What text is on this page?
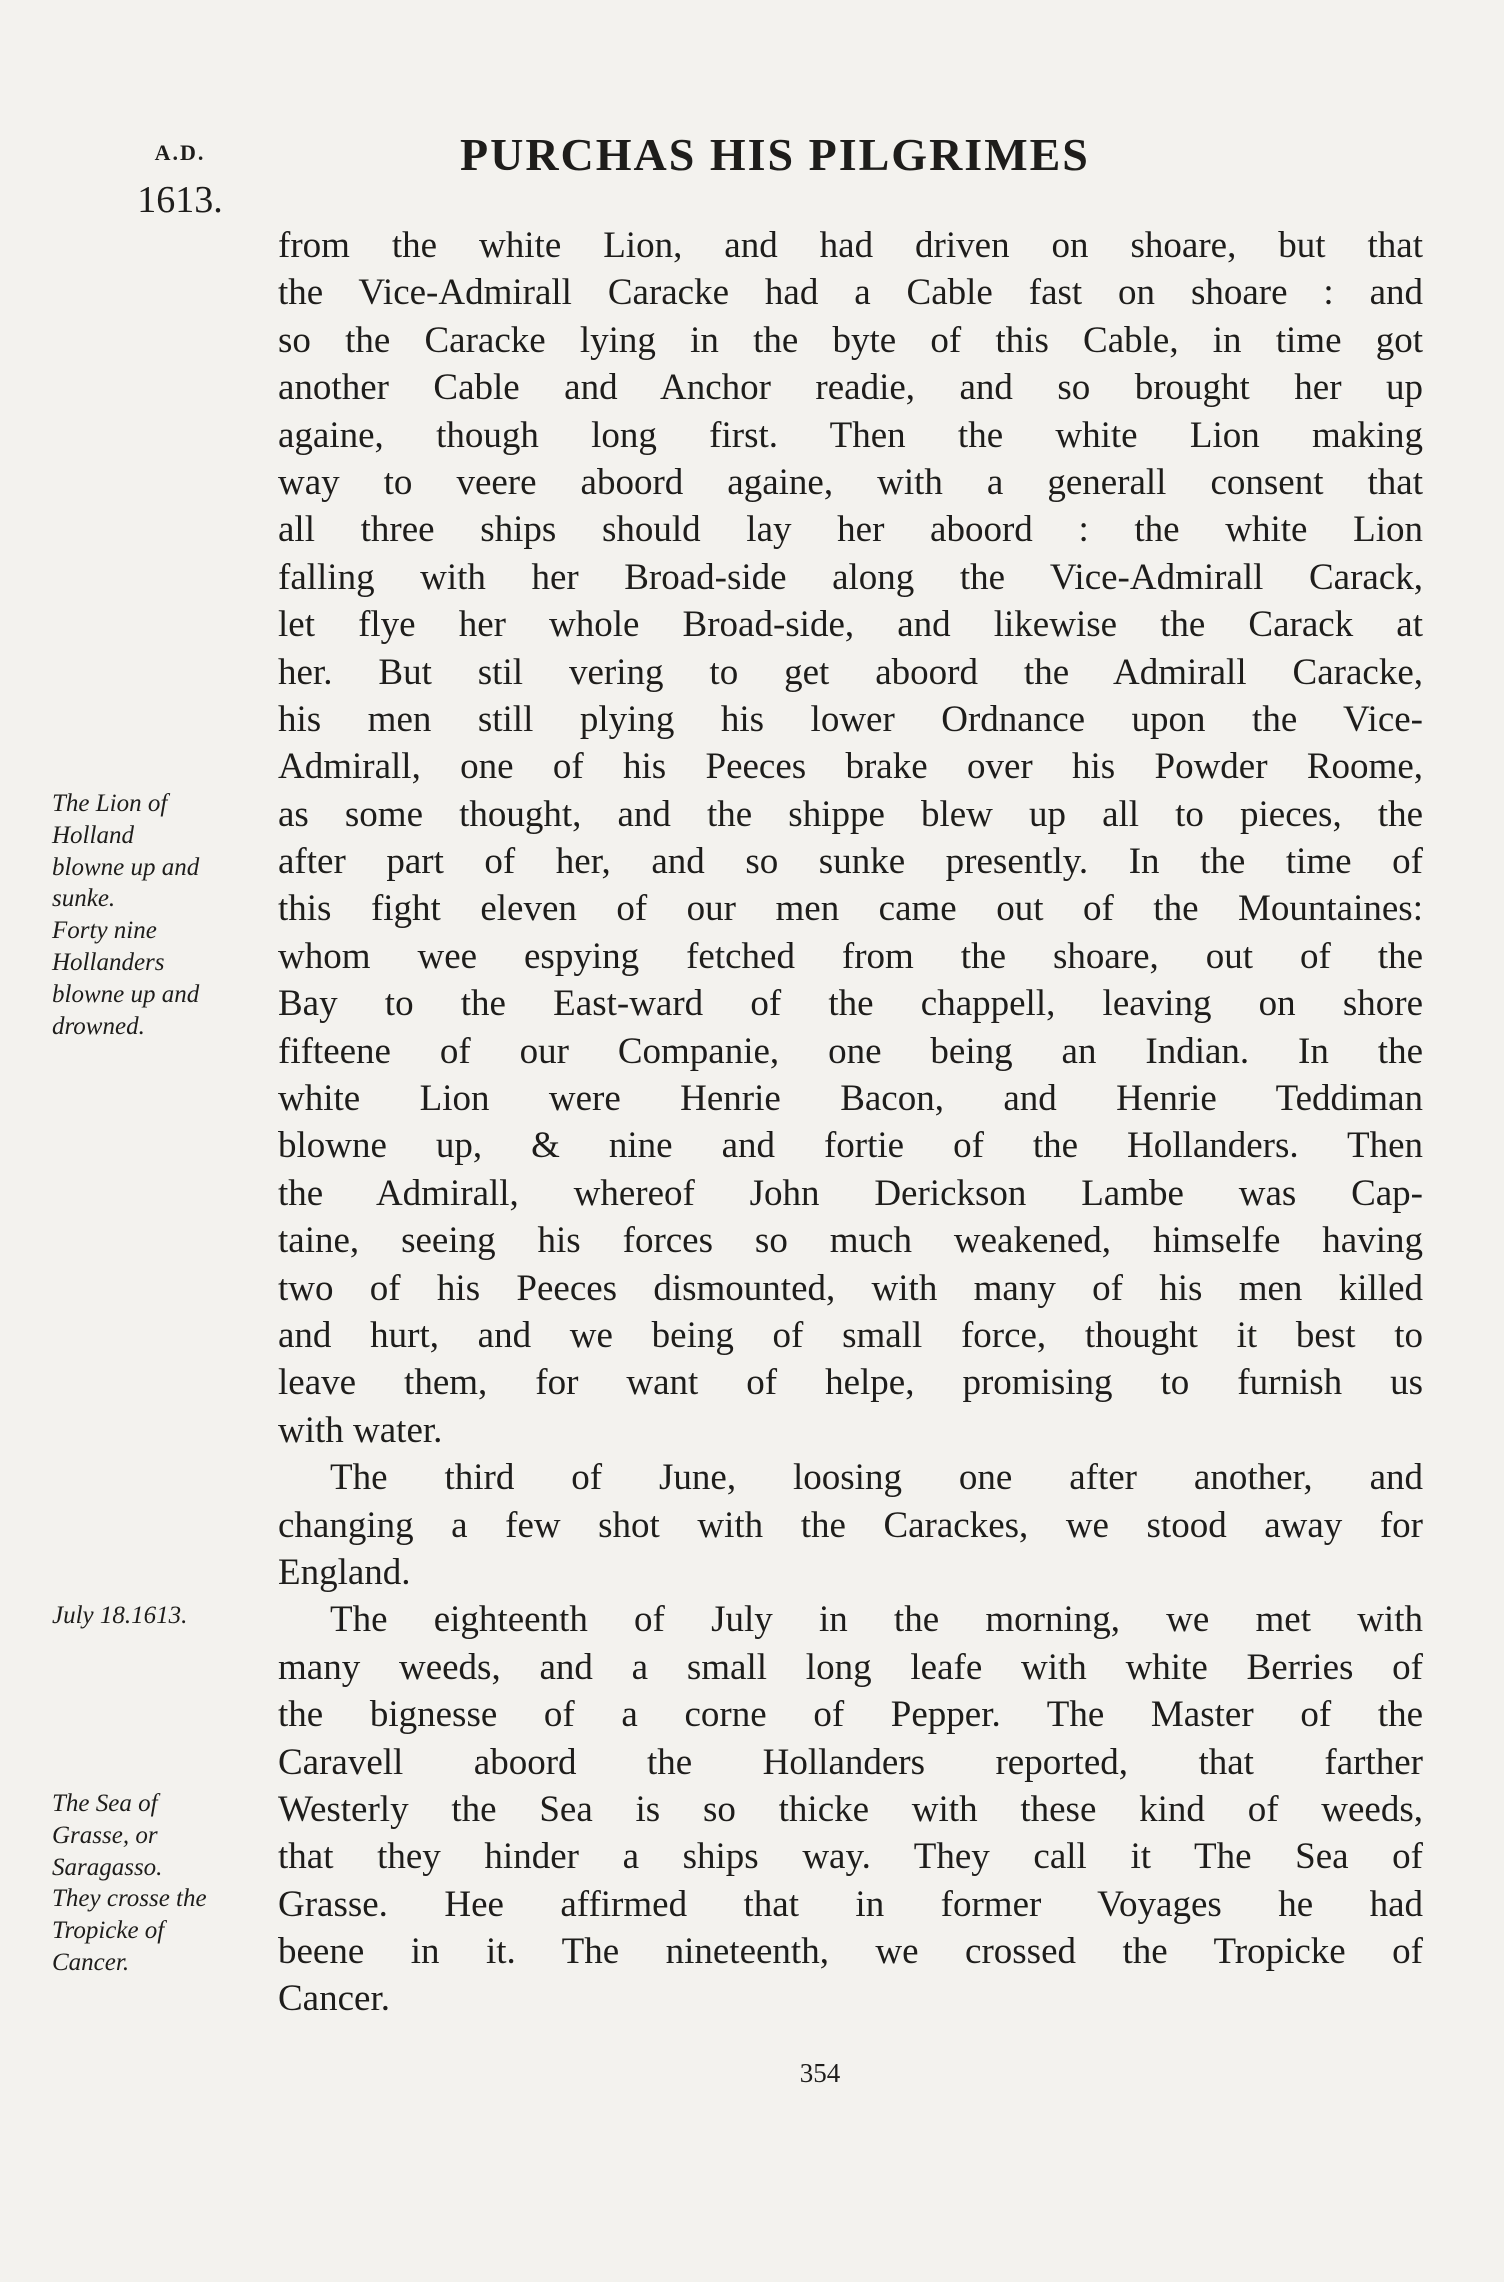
A.D.
1613.
PURCHAS HIS PILGRIMES
from the white Lion, and had driven on shoare, but that
the Vice-Admirall Caracke had a Cable fast on shoare : and
so the Caracke lying in the byte of this Cable, in time got
another Cable and Anchor readie, and so brought her up
againe, though long first. Then the white Lion making
way to veere aboord againe, with a generall consent that
all three ships should lay her aboord : the white Lion
falling with her Broad-side along the Vice-Admirall Carack,
let flye her whole Broad-side, and likewise the Carack at
her. But stil vering to get aboord the Admirall Caracke,
his men still plying his lower Ordnance upon the Vice-
Admirall, one of his Peeces brake over his Powder Roome,
as some thought, and the shippe blew up all to pieces, the
after part of her, and so sunke presently. In the time of
this fight eleven of our men came out of the Mountaines:
whom wee espying fetched from the shoare, out of the
Bay to the East-ward of the chappell, leaving on shore
fifteene of our Companie, one being an Indian. In the
white Lion were Henrie Bacon, and Henrie Teddiman
blowne up, & nine and fortie of the Hollanders. Then
the Admirall, whereof John Derickson Lambe was Cap-
taine, seeing his forces so much weakened, himselfe having
two of his Peeces dismounted, with many of his men killed
and hurt, and we being of small force, thought it best to
leave them, for want of helpe, promising to furnish us
with water.
The third of June, loosing one after another, and
changing a few shot with the Carackes, we stood away for
England.
The eighteenth of July in the morning, we met with
many weeds, and a small long leafe with white Berries of
the bignesse of a corne of Pepper. The Master of the
Caravell aboord the Hollanders reported, that farther
Westerly the Sea is so thicke with these kind of weeds,
that they hinder a ships way. They call it The Sea of
Grasse. Hee affirmed that in former Voyages he had
beene in it. The nineteenth, we crossed the Tropicke of
Cancer.
The Lion of
Holland
blowne up and
sunke.
Forty nine
Hollanders
blowne up and
drowned.
July 18.1613.
The Sea of
Grasse, or
Saragasso.
They crosse the
Tropicke of
Cancer.
354
